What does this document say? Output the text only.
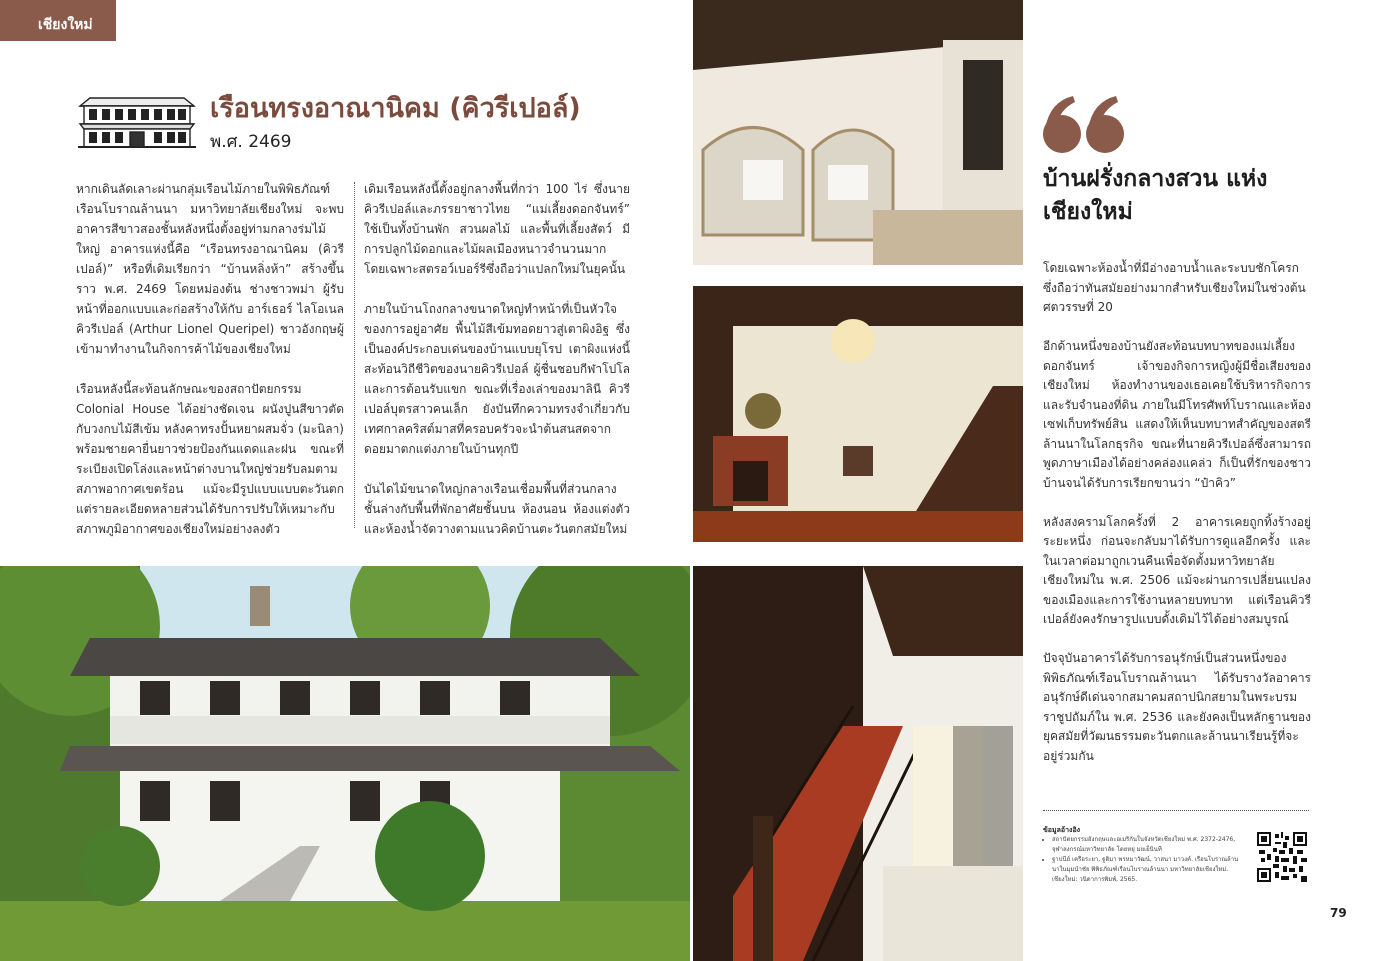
เชียงใหม่
เรือนทรงอาณานิคม (คิวรีเปอล์)
พ.ศ. 2469

หากเดินลัดเลาะผ่านกลุ่มเรือนไม้ภายในพิพิธภัณฑ์เรือนโบราณล้านนา มหาวิทยาลัยเชียงใหม่ จะพบอาคารสีขาวสองชั้นหลังหนึ่งตั้งอยู่ท่ามกลางร่มไม้ใหญ่ อาคารแห่งนี้คือ “เรือนทรงอาณานิคม (คิวรีเปอล์)” หรือที่เดิมเรียกว่า “บ้านหลิ่งห้า” สร้างขึ้นราว พ.ศ. 2469 โดยหม่องต้น ช่างชาวพม่า ผู้รับหน้าที่ออกแบบและก่อสร้างให้กับ อาร์เธอร์ ไลโอเนล คิวรีเปอล์ (Arthur Lionel Queripel) ชาวอังกฤษผู้เข้ามาทำงานในกิจการค้าไม้ของเชียงใหม่

เรือนหลังนี้สะท้อนลักษณะของสถาปัตยกรรม Colonial House ได้อย่างชัดเจน ผนังปูนสีขาวตัดกับวงกบไม้สีเข้ม หลังคาทรงปั้นหยาผสมจั่ว (มะนิลา) พร้อมชายคายื่นยาวช่วยป้องกันแดดและฝน ขณะที่ระเบียงเปิดโล่งและหน้าต่างบานใหญ่ช่วยรับลมตามสภาพอากาศเขตร้อน แม้จะมีรูปแบบแบบตะวันตก แต่รายละเอียดหลายส่วนได้รับการปรับให้เหมาะกับสภาพภูมิอากาศของเชียงใหม่อย่างลงตัว

เดิมเรือนหลังนี้ตั้งอยู่กลางพื้นที่กว่า 100 ไร่ ซึ่งนายคิวรีเปอล์และภรรยาชาวไทย “แม่เลี้ยงดอกจันทร์” ใช้เป็นทั้งบ้านพัก สวนผลไม้ และพื้นที่เลี้ยงสัตว์ มีการปลูกไม้ดอกและไม้ผลเมืองหนาวจำนวนมาก โดยเฉพาะสตรอว์เบอร์รีซึ่งถือว่าแปลกใหม่ในยุคนั้น

ภายในบ้านโถงกลางขนาดใหญ่ทำหน้าที่เป็นหัวใจของการอยู่อาศัย พื้นไม้สีเข้มทอดยาวสู่เตาผิงอิฐ ซึ่งเป็นองค์ประกอบเด่นของบ้านแบบยุโรป เตาผิงแห่งนี้สะท้อนวิถีชีวิตของนายคิวรีเปอล์ ผู้ชื่นชอบกีฬาโปโลและการต้อนรับแขก ขณะที่เรื่องเล่าของมาลินี คิวรีเปอล์บุตรสาวคนเล็ก ยังบันทึกความทรงจำเกี่ยวกับเทศกาลคริสต์มาสที่ครอบครัวจะนำต้นสนสดจากดอยมาตกแต่งภายในบ้านทุกปี

บันไดไม้ขนาดใหญ่กลางเรือนเชื่อมพื้นที่ส่วนกลางชั้นล่างกับพื้นที่พักอาศัยชั้นบน ห้องนอน ห้องแต่งตัว และห้องน้ำจัดวางตามแนวคิดบ้านตะวันตกสมัยใหม่

บ้านฝรั่งกลางสวน แห่งเชียงใหม่

โดยเฉพาะห้องน้ำที่มีอ่างอาบน้ำและระบบชักโครก ซึ่งถือว่าทันสมัยอย่างมากสำหรับเชียงใหม่ในช่วงต้นศตวรรษที่ 20

อีกด้านหนึ่งของบ้านยังสะท้อนบทบาทของแม่เลี้ยงดอกจันทร์ เจ้าของกิจการหญิงผู้มีชื่อเสียงของเชียงใหม่ ห้องทำงานของเธอเคยใช้บริหารกิจการและรับจำนองที่ดิน ภายในมีโทรศัพท์โบราณและห้องเซฟเก็บทรัพย์สิน แสดงให้เห็นบทบาทสำคัญของสตรีล้านนาในโลกธุรกิจ ขณะที่นายคิวรีเปอล์ซึ่งสามารถพูดภาษาเมืองได้อย่างคล่องแคล่ว ก็เป็นที่รักของชาวบ้านจนได้รับการเรียกขานว่า “ป๋าคิว”

หลังสงครามโลกครั้งที่ 2 อาคารเคยถูกทิ้งร้างอยู่ระยะหนึ่ง ก่อนจะกลับมาได้รับการดูแลอีกครั้ง และในเวลาต่อมาถูกเวนคืนเพื่อจัดตั้งมหาวิทยาลัยเชียงใหม่ใน พ.ศ. 2506 แม้จะผ่านการเปลี่ยนแปลงของเมืองและการใช้งานหลายบทบาท แต่เรือนคิวรีเปอล์ยังคงรักษารูปแบบดั้งเดิมไว้ได้อย่างสมบูรณ์

ปัจจุบันอาคารได้รับการอนุรักษ์เป็นส่วนหนึ่งของพิพิธภัณฑ์เรือนโบราณล้านนา ได้รับรางวัลอาคารอนุรักษ์ดีเด่นจากสมาคมสถาปนิกสยามในพระบรมราชูปถัมภ์ใน พ.ศ. 2536 และยังคงเป็นหลักฐานของยุคสมัยที่วัฒนธรรมตะวันตกและล้านนาเรียนรู้ที่จะอยู่ร่วมกัน

ข้อมูลอ้างอิง
• สถาปัตยกรรมอังกฤษและอเมริกันในจังหวัดเชียงใหม่ พ.ศ. 2372-2476, จุฬาลงกรณ์มหาวิทยาลัย โดยหยุ่ มยเย็นินที
• ฐาปนีย์ เครือระยา, ฐูติมา พรหมาวัฒน์, วาสนา มาวงค์. เรือนโบราณล้านนาในมุมนำชัย พิพิธภัณฑ์เรือนโบราณล้านนา มหาวิทยาลัยเชียงใหม่. เชียงใหม่: วนิดาการพิมพ์, 2565.
79
